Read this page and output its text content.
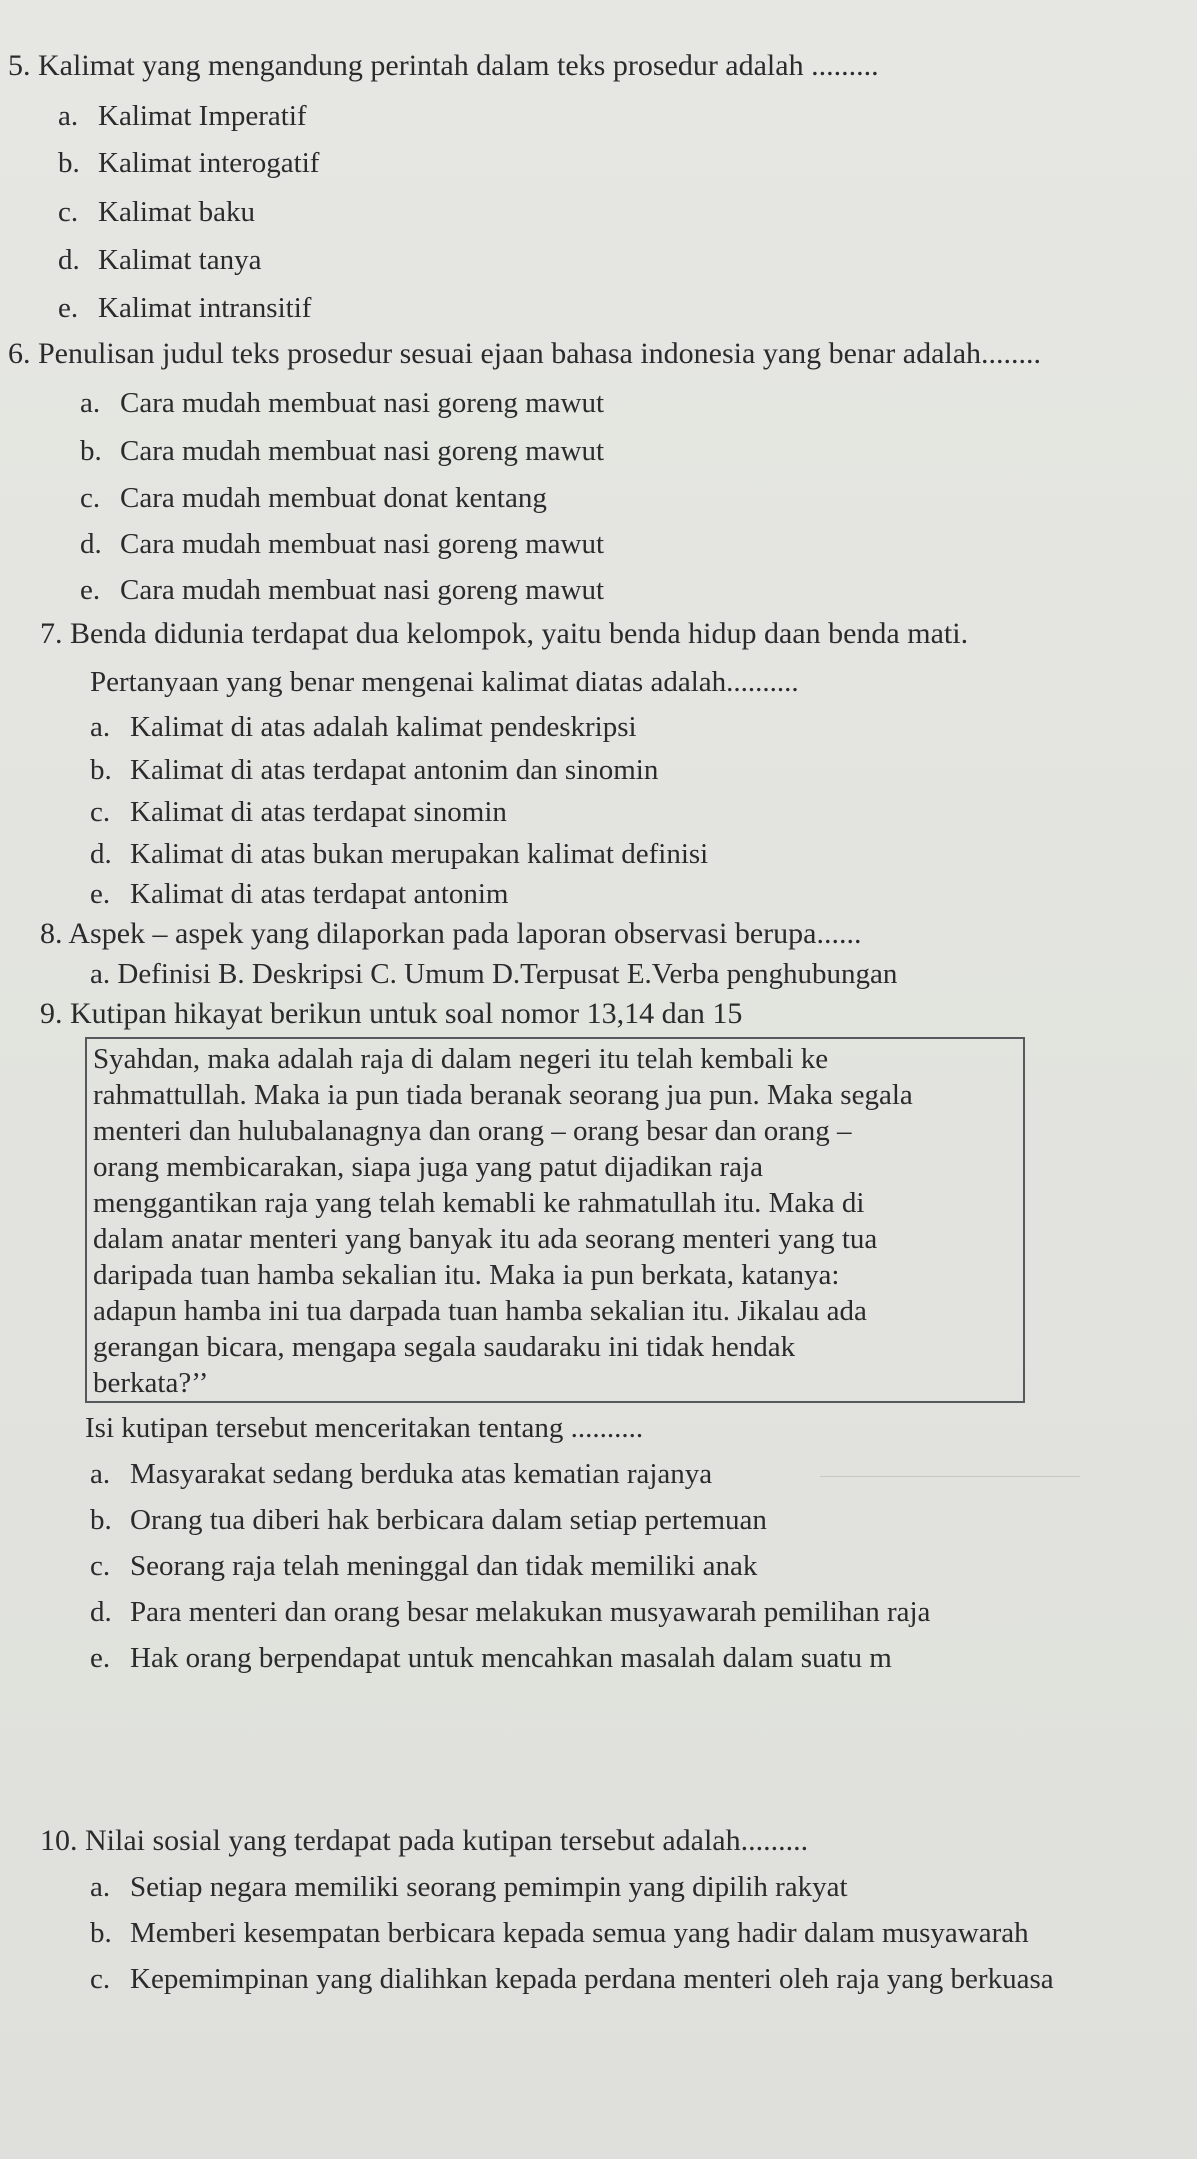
5. Kalimat yang mengandung perintah dalam teks prosedur adalah .........
a. Kalimat Imperatif
b. Kalimat interogatif
c. Kalimat baku
d. Kalimat tanya
e. Kalimat intransitif
6. Penulisan judul teks prosedur sesuai ejaan bahasa indonesia yang benar adalah........
a. Cara mudah membuat nasi goreng mawut
b. Cara mudah membuat nasi goreng mawut
c. Cara mudah membuat donat kentang
d. Cara mudah membuat nasi goreng mawut
e. Cara mudah membuat nasi goreng mawut
7. Benda didunia terdapat dua kelompok, yaitu benda hidup daan benda mati.
Pertanyaan yang benar mengenai kalimat diatas adalah..........
a. Kalimat di atas adalah kalimat pendeskripsi
b. Kalimat di atas terdapat antonim dan sinomin
c. Kalimat di atas terdapat sinomin
d. Kalimat di atas bukan merupakan kalimat definisi
e. Kalimat di atas terdapat antonim
8. Aspek – aspek yang dilaporkan pada laporan observasi berupa......
a. Definisi B. Deskripsi C. Umum D.Terpusat E.Verba penghubungan
9. Kutipan hikayat berikun untuk soal nomor 13,14 dan 15
Syahdan, maka adalah raja di dalam negeri itu telah kembali ke
rahmattullah. Maka ia pun tiada beranak seorang jua pun. Maka segala
menteri dan hulubalanagnya dan orang – orang besar dan orang –
orang membicarakan, siapa juga yang patut dijadikan raja
menggantikan raja yang telah kemabli ke rahmatullah itu. Maka di
dalam anatar menteri yang banyak itu ada seorang menteri yang tua
daripada tuan hamba sekalian itu. Maka ia pun berkata, katanya:
adapun hamba ini tua darpada tuan hamba sekalian itu. Jikalau ada
gerangan bicara, mengapa segala saudaraku ini tidak hendak
berkata?’’
Isi kutipan tersebut menceritakan tentang ..........
a. Masyarakat sedang berduka atas kematian rajanya
b. Orang tua diberi hak berbicara dalam setiap pertemuan
c. Seorang raja telah meninggal dan tidak memiliki anak
d. Para menteri dan orang besar melakukan musyawarah pemilihan raja
e. Hak orang berpendapat untuk mencahkan masalah dalam suatu m
10. Nilai sosial yang terdapat pada kutipan tersebut adalah.........
a. Setiap negara memiliki seorang pemimpin yang dipilih rakyat
b. Memberi kesempatan berbicara kepada semua yang hadir dalam musyawarah
c. Kepemimpinan yang dialihkan kepada perdana menteri oleh raja yang berkuasa
